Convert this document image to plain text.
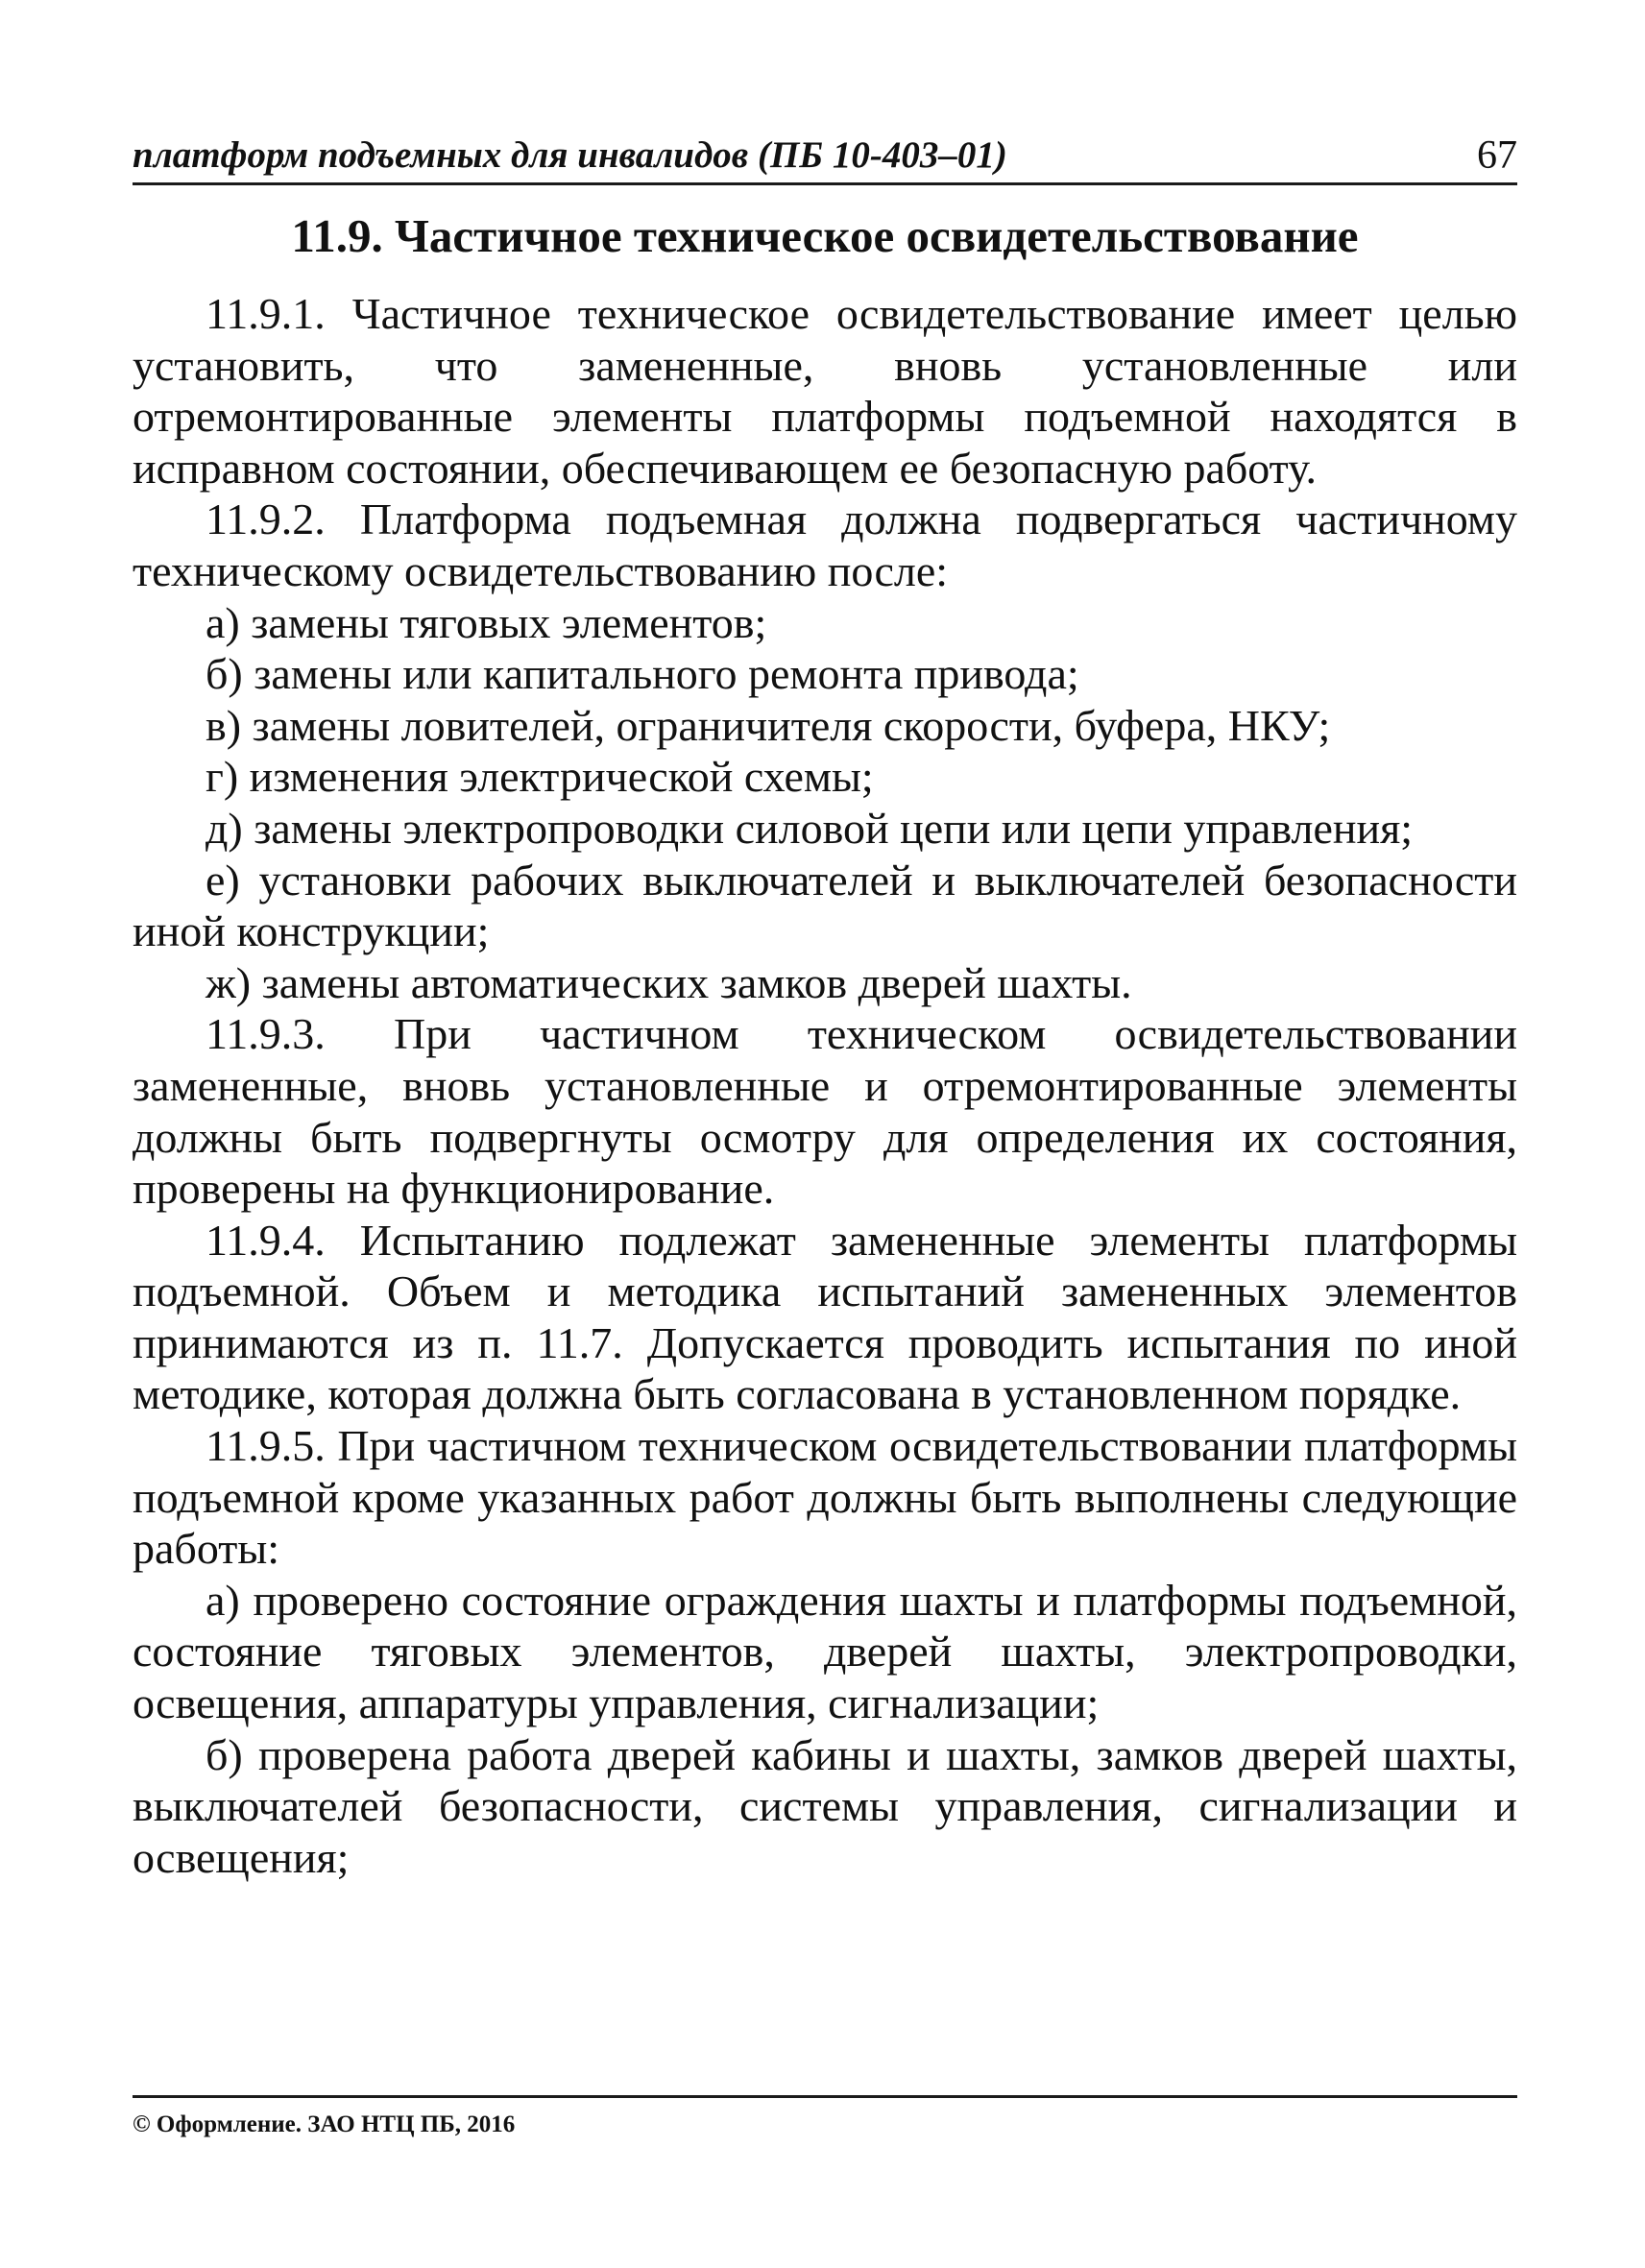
платформ подъемных для инвалидов (ПБ 10-403–01)	67
11.9. Частичное техническое освидетельствование

11.9.1. Частичное техническое освидетельствование имеет целью установить, что замененные, вновь установленные или отремонтированные элементы платформы подъемной находятся в исправном состоянии, обеспечивающем ее безопасную работу.

11.9.2. Платформа подъемная должна подвергаться частичному техническому освидетельствованию после:

а) замены тяговых элементов;

б) замены или капитального ремонта привода;

в) замены ловителей, ограничителя скорости, буфера, НКУ;

г) изменения электрической схемы;

д) замены электропроводки силовой цепи или цепи управления;

е) установки рабочих выключателей и выключателей безопасности иной конструкции;

ж) замены автоматических замков дверей шахты.

11.9.3. При частичном техническом освидетельствовании замененные, вновь установленные и отремонтированные элементы должны быть подвергнуты осмотру для определения их состояния, проверены на функционирование.

11.9.4. Испытанию подлежат замененные элементы платформы подъемной. Объем и методика испытаний замененных элементов принимаются из п. 11.7. Допускается проводить испытания по иной методике, которая должна быть согласована в установленном порядке.

11.9.5. При частичном техническом освидетельствовании платформы подъемной кроме указанных работ должны быть выполнены следующие работы:

а) проверено состояние ограждения шахты и платформы подъемной, состояние тяговых элементов, дверей шахты, электропроводки, освещения, аппаратуры управления, сигнализации;

б) проверена работа дверей кабины и шахты, замков дверей шахты, выключателей безопасности, системы управления, сигнализации и освещения;

© Оформление. ЗАО НТЦ ПБ, 2016
